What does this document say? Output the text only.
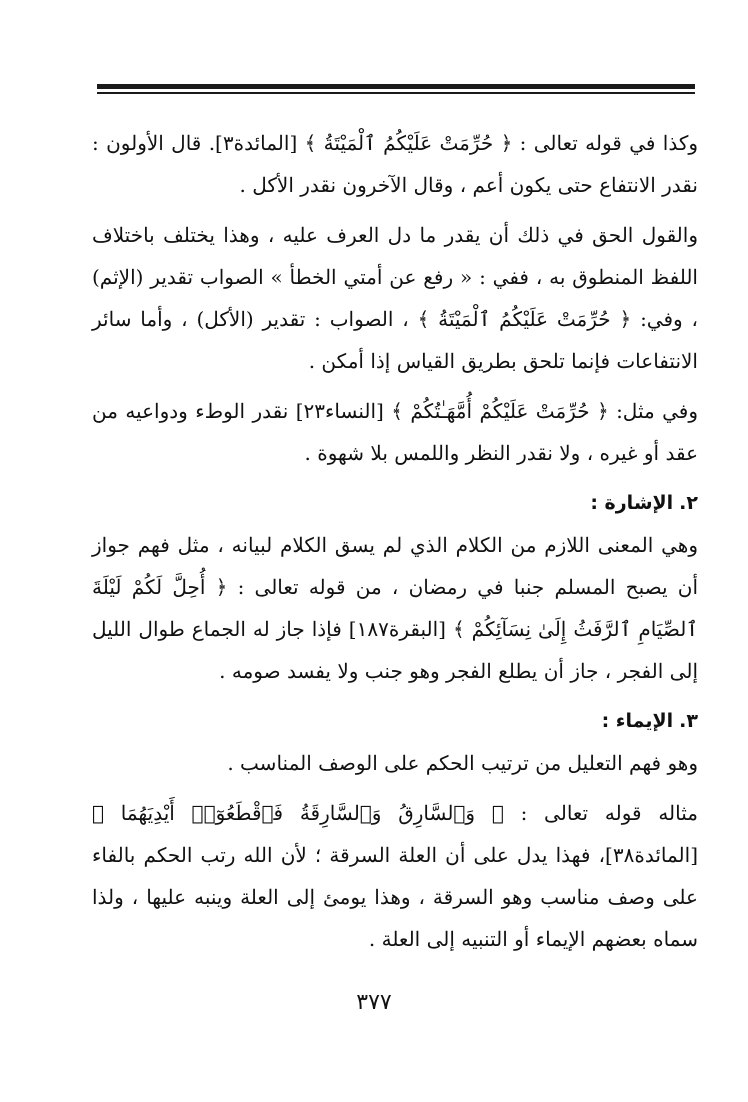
وكذا في قوله تعالى : ﴿ حُرِّمَتْ عَلَيْكُمُ ٱلْمَيْتَةُ ﴾ [المائدة٣]. قال الأولون : نقدر الانتفاع حتى يكون أعم ، وقال الآخرون نقدر الأكل .

والقول الحق في ذلك أن يقدر ما دل العرف عليه ، وهذا يختلف باختلاف اللفظ المنطوق به ، ففي : « رفع عن أمتي الخطأ » الصواب تقدير (الإثم) ، وفي: ﴿ حُرِّمَتْ عَلَيْكُمُ ٱلْمَيْتَةُ ﴾ ، الصواب : تقدير (الأكل) ، وأما سائر الانتفاعات فإنما تلحق بطريق القياس إذا أمكن .

وفي مثل: ﴿ حُرِّمَتْ عَلَيْكُمْ أُمَّهَـٰتُكُمْ ﴾ [النساء٢٣] نقدر الوطء ودواعيه من عقد أو غيره ، ولا نقدر النظر واللمس بلا شهوة .

٢.الإشارة :

وهي المعنى اللازم من الكلام الذي لم يسق الكلام لبيانه ، مثل فهم جواز أن يصبح المسلم جنبا في رمضان ، من قوله تعالى : ﴿ أُحِلَّ لَكُمْ لَيْلَةَ ٱلصِّيَامِ ٱلرَّفَثُ إِلَىٰ نِسَآئِكُمْ ﴾ [البقرة١٨٧] فإذا جاز له الجماع طوال الليل إلى الفجر ، جاز أن يطلع الفجر وهو جنب ولا يفسد صومه .

٣.الإيماء :

وهو فهم التعليل من ترتيب الحكم على الوصف المناسب .

مثاله قوله تعالى : ﴿ وَٱلسَّارِقُ وَٱلسَّارِقَةُ فَٱقْطَعُوٓا۟ أَيْدِيَهُمَا ﴾ [المائدة٣٨]، فهذا يدل على أن العلة السرقة ؛ لأن الله رتب الحكم بالفاء على وصف مناسب وهو السرقة ، وهذا يومئ إلى العلة وينبه عليها ، ولذا سماه بعضهم الإيماء أو التنبيه إلى العلة .

٣٧٧
